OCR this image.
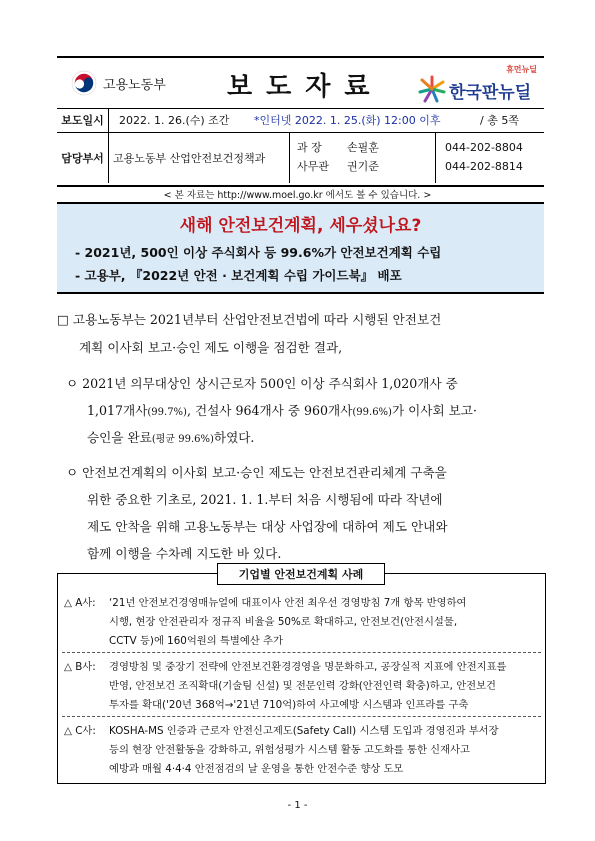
고용노동부 보도자료
휴먼뉴딜
한국판뉴딜
보도일시	2022. 1. 26.(수) 조간 *인터넷 2022. 1. 25.(화) 12:00 이후	/ 총 5쪽
담당부서 고용노동부 산업안전보건정책과
과 장 손필훈
사무관 권기준
044-202-8804
044-202-8814
< 본 자료는 http://www.moel.go.kr 에서도 볼 수 있습니다. >
새해 안전보건계획, 세우셨나요?
- 2021년, 500인 이상 주식회사 등 99.6%가 안전보건계획 수립
- 고용부, 『2022년 안전 · 보건계획 수립 가이드북』 배포
□ 고용노동부는 2021년부터 산업안전보건법에 따라 시행된 안전보건
계획 이사회 보고·승인 제도 이행을 점검한 결과,
ㅇ 2021년 의무대상인 상시근로자 500인 이상 주식회사 1,020개사 중
1,017개사(99.7%), 건설사 964개사 중 960개사(99.6%)가 이사회 보고·
승인을 완료(평균 99.6%)하였다.
ㅇ 안전보건계획의 이사회 보고·승인 제도는 안전보건관리체계 구축을
위한 중요한 기초로, 2021. 1. 1.부터 처음 시행됨에 따라 작년에
제도 안착을 위해 고용노동부는 대상 사업장에 대하여 제도 안내와
함께 이행을 수차례 지도한 바 있다.
기업별 안전보건계획 사례
△ A사: ‘21년 안전보건경영매뉴얼에 대표이사 안전 최우선 경영방침 7개 항목 반영하여
시행, 현장 안전관리자 정규직 비율을 50%로 확대하고, 안전보건(안전시설물,
CCTV 등)에 160억원의 특별예산 추가
△ B사: 경영방침 및 중장기 전략에 안전보건환경경영을 명문화하고, 공장실적 지표에 안전지표를
반영, 안전보건 조직확대(기술팀 신설) 및 전문인력 강화(안전인력 확충)하고, 안전보건
투자를 확대('20년 368억→'21년 710억)하여 사고예방 시스템과 인프라를 구축
△ C사: KOSHA-MS 인증과 근로자 안전신고제도(Safety Call) 시스템 도입과 경영진과 부서장
등의 현장 안전활동을 강화하고, 위험성평가 시스템 활동 고도화를 통한 신재사고
예방과 매월 4·4·4 안전점검의 날 운영을 통한 안전수준 향상 도모
- 1 -
